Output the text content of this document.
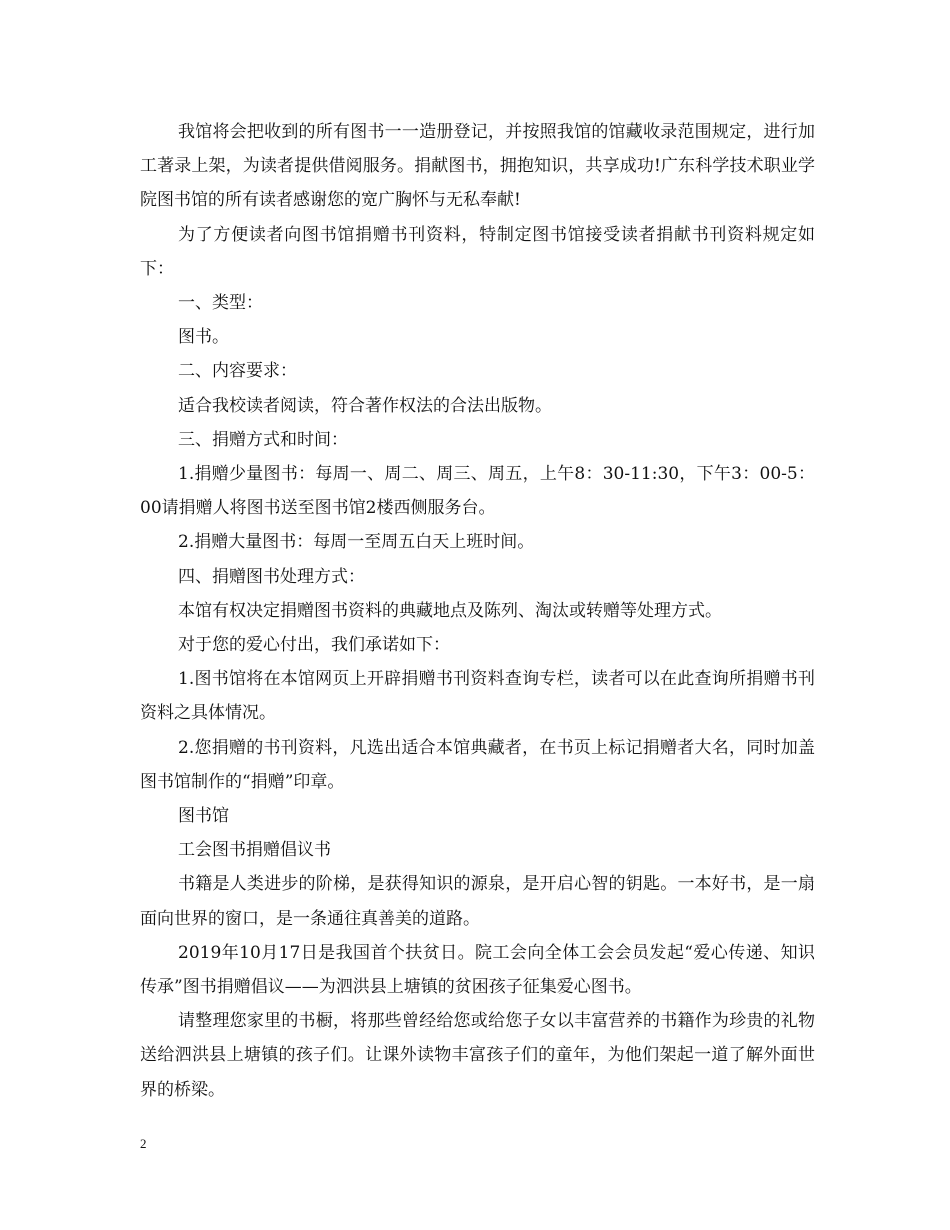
我馆将会把收到的所有图书一一造册登记，并按照我馆的馆藏收录范围规定，进行加工著录上架，为读者提供借阅服务。捐献图书，拥抱知识，共享成功!广东科学技术职业学院图书馆的所有读者感谢您的宽广胸怀与无私奉献!

为了方便读者向图书馆捐赠书刊资料，特制定图书馆接受读者捐献书刊资料规定如下：

一、类型：

图书。

二、内容要求：

适合我校读者阅读，符合著作权法的合法出版物。

三、捐赠方式和时间：

1.捐赠少量图书：每周一、周二、周三、周五，上午8：30-11:30，下午3：00-5：00请捐赠人将图书送至图书馆2楼西侧服务台。

2.捐赠大量图书：每周一至周五白天上班时间。

四、捐赠图书处理方式：

本馆有权决定捐赠图书资料的典藏地点及陈列、淘汰或转赠等处理方式。

对于您的爱心付出，我们承诺如下：

1.图书馆将在本馆网页上开辟捐赠书刊资料查询专栏，读者可以在此查询所捐赠书刊资料之具体情况。

2.您捐赠的书刊资料，凡选出适合本馆典藏者，在书页上标记捐赠者大名，同时加盖图书馆制作的“捐赠”印章。

图书馆

工会图书捐赠倡议书

书籍是人类进步的阶梯，是获得知识的源泉，是开启心智的钥匙。一本好书，是一扇面向世界的窗口，是一条通往真善美的道路。

2019年10月17日是我国首个扶贫日。院工会向全体工会会员发起“爱心传递、知识传承”图书捐赠倡议——为泗洪县上塘镇的贫困孩子征集爱心图书。

请整理您家里的书橱，将那些曾经给您或给您子女以丰富营养的书籍作为珍贵的礼物送给泗洪县上塘镇的孩子们。让课外读物丰富孩子们的童年，为他们架起一道了解外面世界的桥梁。

2
